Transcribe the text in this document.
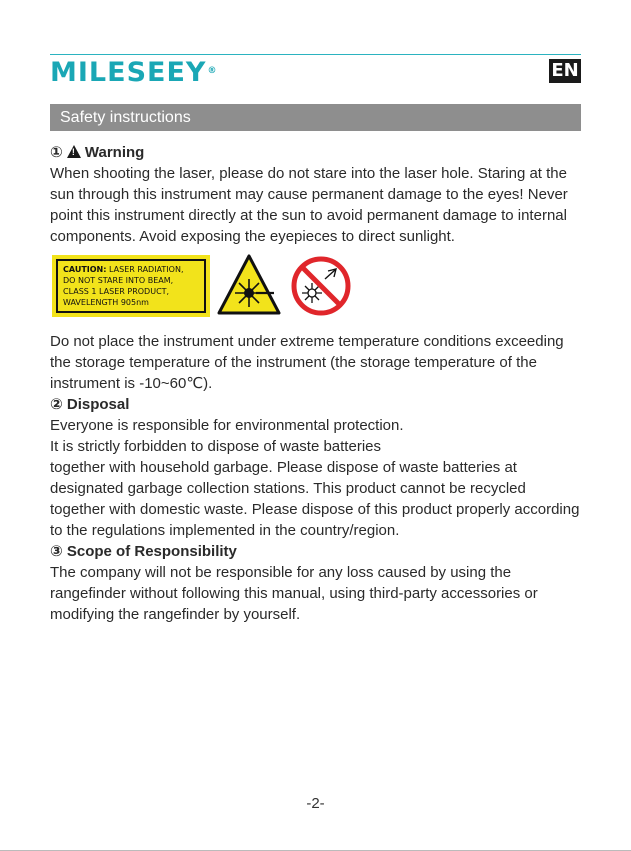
MILESEEY®	EN
Safety instructions

① ! Warning

When shooting the laser, please do not stare into the laser hole. Staring at the sun through this instrument may cause permanent damage to the eyes! Never point this instrument directly at the sun to avoid permanent damage to internal components. Avoid exposing the eyepieces to direct sunlight.

CAUTION: LASER RADIATION,
DO NOT STARE INTO BEAM,
CLASS 1 LASER PRODUCT,
WAVELENGTH 905nm

Do not place the instrument under extreme temperature conditions exceeding the storage temperature of the instrument (the storage temperature of the instrument is -10~60℃).

② Disposal

Everyone is responsible for environmental protection.

It is strictly forbidden to dispose of waste batteries

together with household garbage. Please dispose of waste batteries at designated garbage collection stations. This product cannot be recycled together with domestic waste. Please dispose of this product properly according to the regulations implemented in the country/region.

③ Scope of Responsibility

The company will not be responsible for any loss caused by using the rangefinder without following this manual, using third-party accessories or modifying the rangefinder by yourself.

-2-
